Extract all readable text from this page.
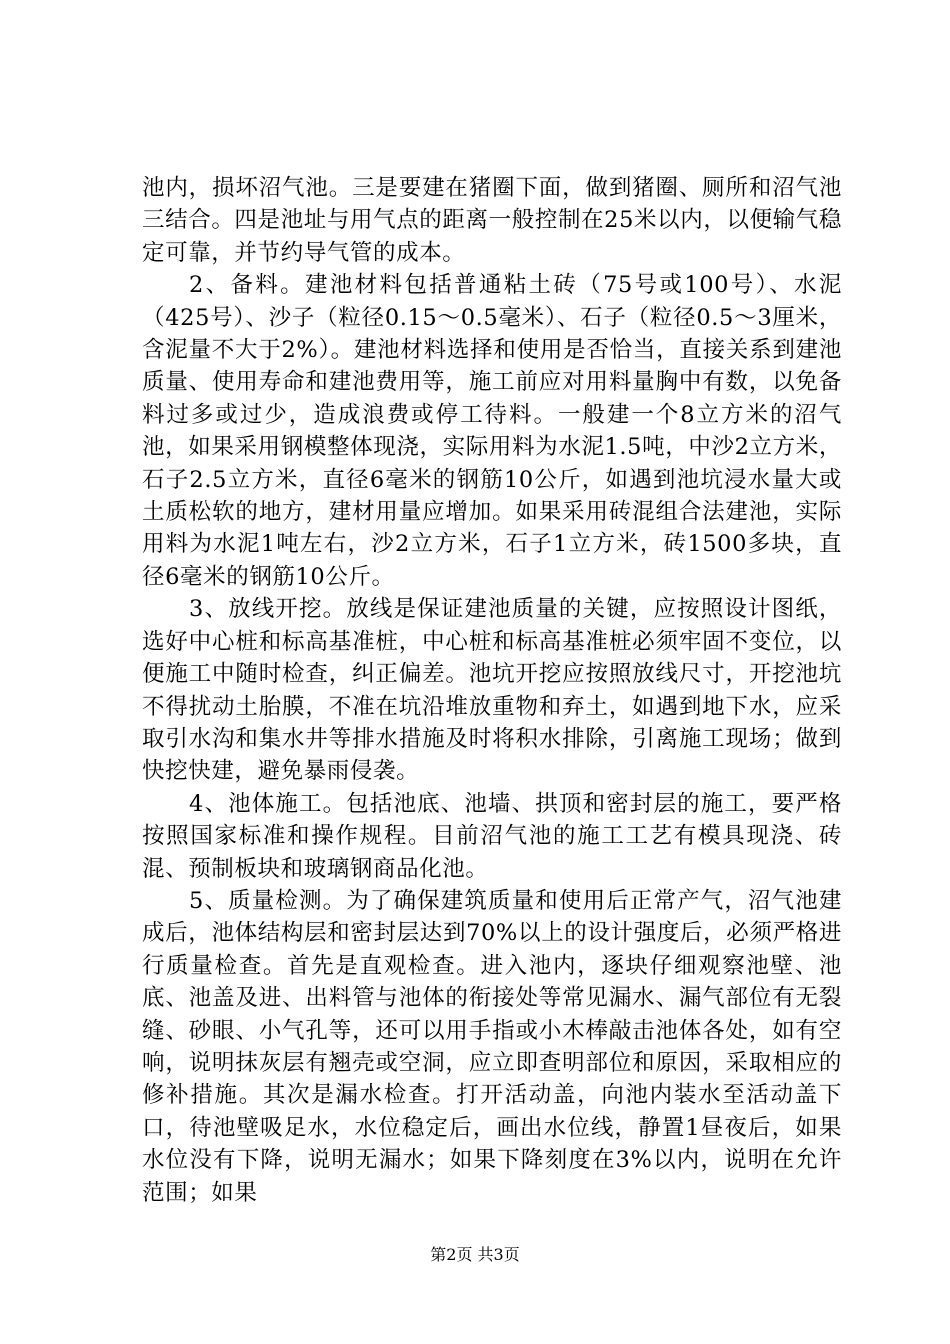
池内，损坏沼气池。三是要建在猪圈下面，做到猪圈、厕所和沼气池三结合。四是池址与用气点的距离一般控制在25米以内，以便输气稳定可靠，并节约导气管的成本。

2、备料。建池材料包括普通粘土砖（75号或100号）、水泥（425号）、沙子（粒径0.15～0.5毫米）、石子（粒径0.5～3厘米，含泥量不大于2%）。建池材料选择和使用是否恰当，直接关系到建池质量、使用寿命和建池费用等，施工前应对用料量胸中有数，以免备料过多或过少，造成浪费或停工待料。一般建一个8立方米的沼气池，如果采用钢模整体现浇，实际用料为水泥1.5吨，中沙2立方米，石子2.5立方米，直径6毫米的钢筋10公斤，如遇到池坑浸水量大或土质松软的地方，建材用量应增加。如果采用砖混组合法建池，实际用料为水泥1吨左右，沙2立方米，石子1立方米，砖1500多块，直径6毫米的钢筋10公斤。

3、放线开挖。放线是保证建池质量的关键，应按照设计图纸，选好中心桩和标高基准桩，中心桩和标高基准桩必须牢固不变位，以便施工中随时检查，纠正偏差。池坑开挖应按照放线尺寸，开挖池坑不得扰动土胎膜，不准在坑沿堆放重物和弃土，如遇到地下水，应采取引水沟和集水井等排水措施及时将积水排除，引离施工现场；做到快挖快建，避免暴雨侵袭。

4、池体施工。包括池底、池墙、拱顶和密封层的施工，要严格按照国家标准和操作规程。目前沼气池的施工工艺有模具现浇、砖混、预制板块和玻璃钢商品化池。

5、质量检测。为了确保建筑质量和使用后正常产气，沼气池建成后，池体结构层和密封层达到70%以上的设计强度后，必须严格进行质量检查。首先是直观检查。进入池内，逐块仔细观察池壁、池底、池盖及进、出料管与池体的衔接处等常见漏水、漏气部位有无裂缝、砂眼、小气孔等，还可以用手指或小木棒敲击池体各处，如有空响，说明抹灰层有翘壳或空洞，应立即查明部位和原因，采取相应的修补措施。其次是漏水检查。打开活动盖，向池内装水至活动盖下口，待池壁吸足水，水位稳定后，画出水位线，静置1昼夜后，如果水位没有下降，说明无漏水；如果下降刻度在3%以内，说明在允许范围；如果

第2页 共3页
